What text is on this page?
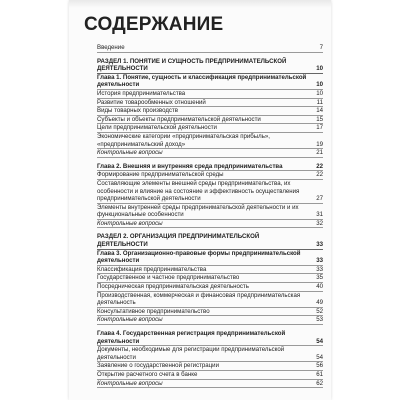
СОДЕРЖАНИЕ
Введение	7
РАЗДЕЛ 1. ПОНЯТИЕ И СУЩНОСТЬ ПРЕДПРИНИМАТЕЛЬСКОЙ ДЕЯТЕЛЬНОСТИ	10
Глава 1. Понятие, сущность и классификация предпринимательской деятельности	10
История предпринимательства	10
Развитие товарообменных отношений	11
Виды товарных производств	14
Субъекты и объекты предпринимательской деятельности	15
Цели предпринимательской деятельности	17
Экономические категории «предпринимательская прибыль», «предпринимательский доход»	19
Контрольные вопросы	21
Глава 2. Внешняя и внутренняя среда предпринимательства	22
Формирование предпринимательской среды	22
Составляющие элементы внешней среды предпринимательства, их особенности и влияние на состояние и эффективность осуществления предпринимательской деятельности	27
Элементы внутренней среды предпринимательской деятельности и их функциональные особенности	31
Контрольные вопросы	32
РАЗДЕЛ 2. ОРГАНИЗАЦИЯ ПРЕДПРИНИМАТЕЛЬСКОЙ ДЕЯТЕЛЬНОСТИ	33
Глава 3. Организационно-правовые формы предпринимательской деятельности	33
Классификация предпринимательства	33
Государственное и частное предпринимательство	35
Посредническая предпринимательская деятельность	40
Производственная, коммерческая и финансовая предпринимательская деятельность	49
Консультативное предпринимательство	52
Контрольные вопросы	53
Глава 4. Государственная регистрация предпринимательской деятельности	54
Документы, необходимые для регистрации предпринимательской деятельности	54
Заявление о государственной регистрации	56
Открытие расчетного счета в банке	61
Контрольные вопросы	62
